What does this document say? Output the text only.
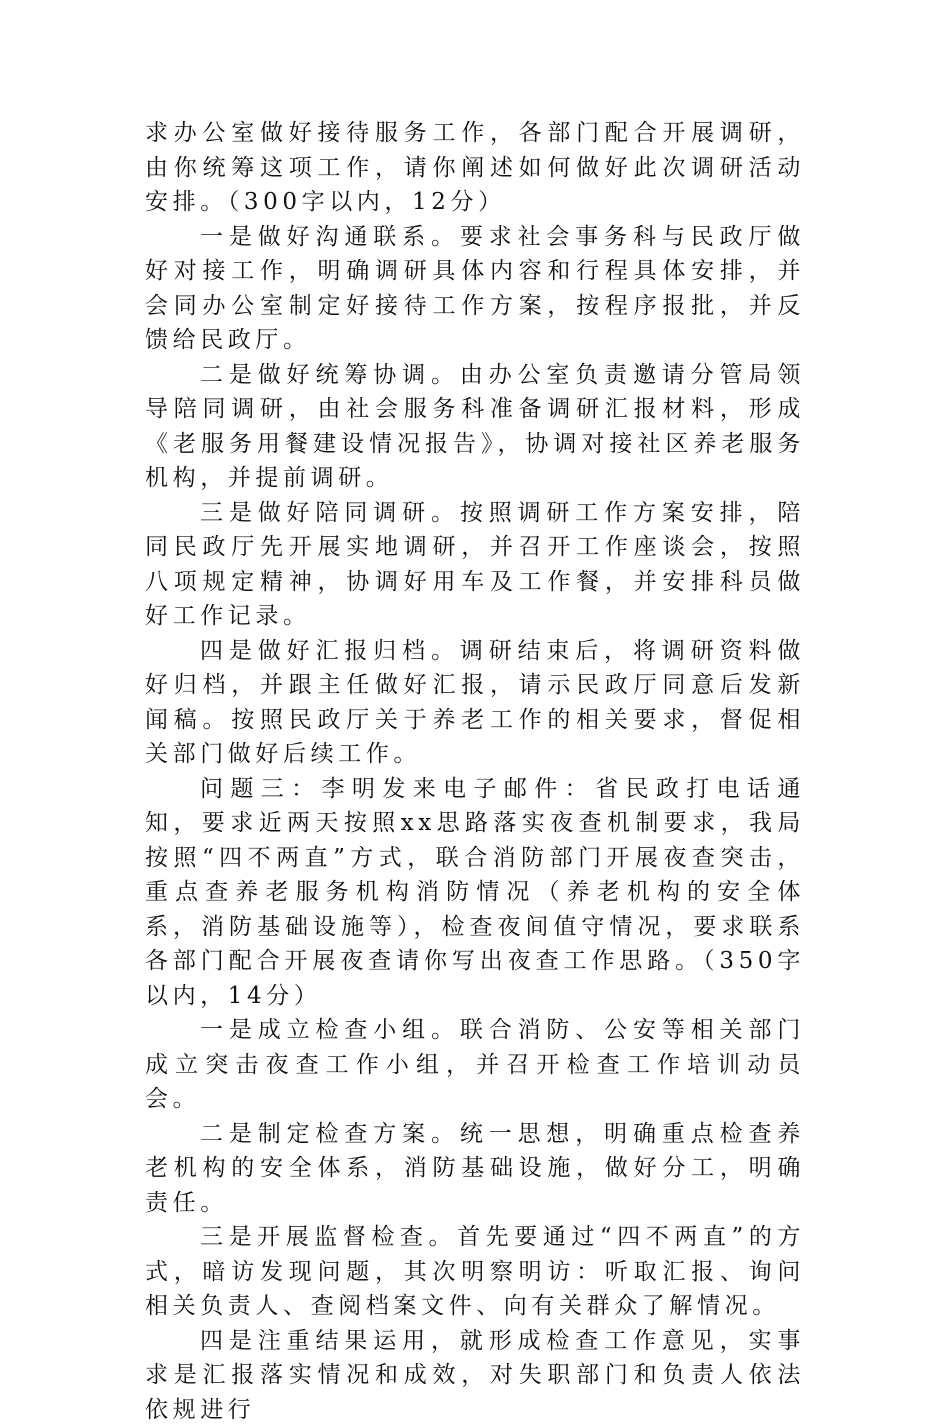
求办公室做好接待服务工作，各部门配合开展调研，由你统筹这项工作，请你阐述如何做好此次调研活动安排。（300字以内，12分）

一是做好沟通联系。要求社会事务科与民政厅做好对接工作，明确调研具体内容和行程具体安排，并会同办公室制定好接待工作方案，按程序报批，并反馈给民政厅。

二是做好统筹协调。由办公室负责邀请分管局领导陪同调研，由社会服务科准备调研汇报材料，形成《老服务用餐建设情况报告》，协调对接社区养老服务机构，并提前调研。

三是做好陪同调研。按照调研工作方案安排，陪同民政厅先开展实地调研，并召开工作座谈会，按照八项规定精神，协调好用车及工作餐，并安排科员做好工作记录。

四是做好汇报归档。调研结束后，将调研资料做好归档，并跟主任做好汇报，请示民政厅同意后发新闻稿。按照民政厅关于养老工作的相关要求，督促相关部门做好后续工作。

问题三：李明发来电子邮件：省民政打电话通知，要求近两天按照xx思路落实夜查机制要求，我局按照“四不两直”方式，联合消防部门开展夜查突击，重点查养老服务机构消防情况（养老机构的安全体系，消防基础设施等），检查夜间值守情况，要求联系各部门配合开展夜查请你写出夜查工作思路。（350字以内，14分）

一是成立检查小组。联合消防、公安等相关部门成立突击夜查工作小组，并召开检查工作培训动员会。

二是制定检查方案。统一思想，明确重点检查养老机构的安全体系，消防基础设施，做好分工，明确责任。

三是开展监督检查。首先要通过“四不两直”的方式，暗访发现问题，其次明察明访：听取汇报、询问相关负责人、查阅档案文件、向有关群众了解情况。

四是注重结果运用，就形成检查工作意见，实事求是汇报落实情况和成效，对失职部门和负责人依法依规进行
